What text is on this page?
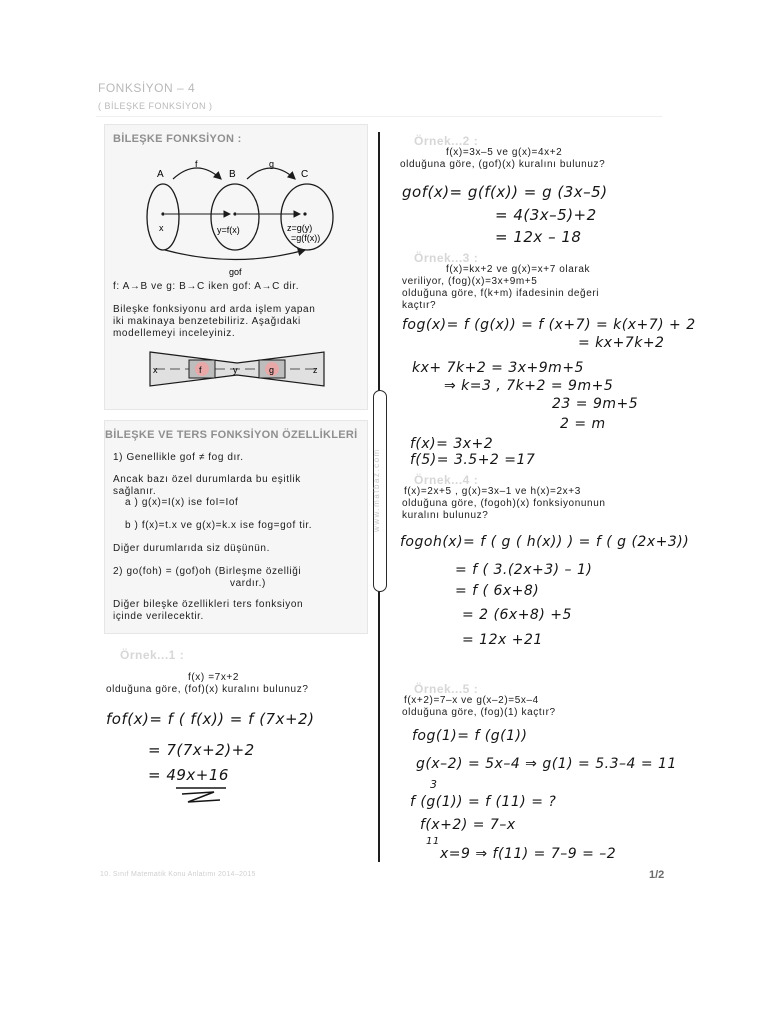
FONKSİYON – 4
( BİLEŞKE FONKSİYON )
BİLEŞKE FONKSİYON :
A	B	C
f	g
x	y=f(x)	z=g(y)
=g(f(x))
gof
f: A→B ve g: B→C iken gof: A→C dir.
Bileşke fonksiyonu ard arda işlem yapan
iki makinaya benzetebiliriz. Aşağıdaki
modellemeyi inceleyiniz.
x	f	y	g	z
BİLEŞKE VE TERS FONKSİYON ÖZELLİKLERİ
1) Genellikle gof ≠ fog dır.
Ancak bazı özel durumlarda bu eşitlik
sağlanır.
a ) g(x)=I(x) ise foI=Iof
b ) f(x)=t.x ve g(x)=k.x ise fog=gof tir.
Diğer durumlarıda siz düşünün.
2) go(foh) = (gof)oh (Birleşme özelliği
vardır.)
Diğer bileşke özellikleri ters fonksiyon
içinde verilecektir.
www.matbaz.com
Örnek...1 :
f(x) =7x+2
olduğuna göre, (fof)(x) kuralını bulunuz?
fof(x)= f ( f(x)) = f (7x+2)
= 7(7x+2)+2
= 49x+16
Örnek...2 :
f(x)=3x–5 ve g(x)=4x+2
olduğuna göre, (gof)(x) kuralını bulunuz?
gof(x)= g(f(x)) = g (3x–5)
= 4(3x–5)+2
= 12x – 18
Örnek...3 :
f(x)=kx+2 ve g(x)=x+7 olarak
veriliyor, (fog)(x)=3x+9m+5
olduğuna göre, f(k+m) ifadesinin değeri
kaçtır?
fog(x)= f (g(x)) = f (x+7) = k(x+7) + 2
= kx+7k+2
kx+ 7k+2 = 3x+9m+5
⇒ k=3 , 7k+2 = 9m+5
23 = 9m+5
2 = m
f(x)= 3x+2
f(5)= 3.5+2 =17
Örnek...4 :
f(x)=2x+5 , g(x)=3x–1 ve h(x)=2x+3
olduğuna göre, (fogoh)(x) fonksiyonunun
kuralını bulunuz?
fogoh(x)= f ( g ( h(x)) ) = f ( g (2x+3))
= f ( 3.(2x+3) – 1)
= f ( 6x+8)
= 2 (6x+8) +5
= 12x +21
Örnek...5 :
f(x+2)=7–x ve g(x–2)=5x–4
olduğuna göre, (fog)(1) kaçtır?
fog(1)= f (g(1))
g(x–2) = 5x–4 ⇒ g(1) = 5.3–4 = 11
3
f (g(1)) = f (11) = ?
f(x+2) = 7–x
11
x=9 ⇒ f(11) = 7–9 = –2
10. Sınıf Matematik Konu Anlatımı 2014–2015	1/2
